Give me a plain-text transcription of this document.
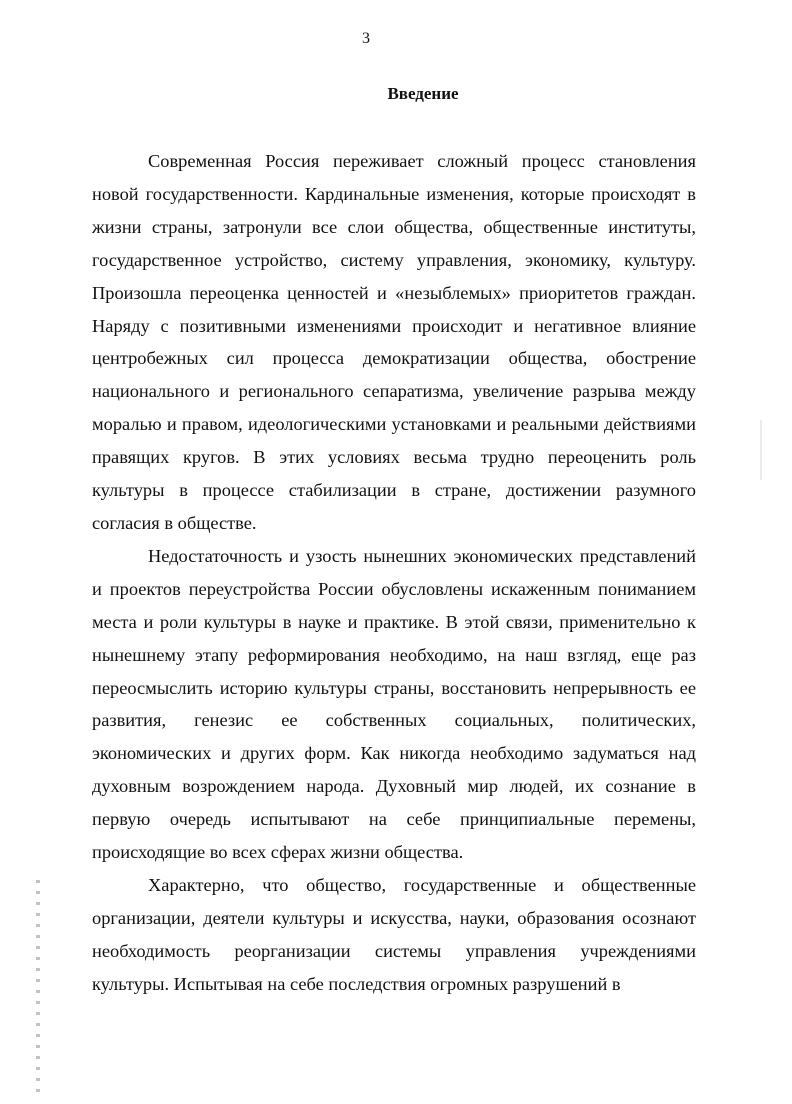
3
Введение

Современная Россия переживает сложный процесс становления новой государственности. Кардинальные изменения, которые происходят в жизни страны, затронули все слои общества, общественные институты, государственное устройство, систему управления, экономику, культуру. Произошла переоценка ценностей и «незыблемых» приоритетов граждан. Наряду с позитивными изменениями происходит и негативное влияние центробежных сил процесса демократизации общества, обострение национального и регионального сепаратизма, увеличение разрыва между моралью и правом, идеологическими установками и реальными действиями правящих кругов. В этих условиях весьма трудно переоценить роль культуры в процессе стабилизации в стране, достижении разумного согласия в обществе.

Недостаточность и узость нынешних экономических представлений и проектов переустройства России обусловлены искаженным пониманием места и роли культуры в науке и практике. В этой связи, применительно к нынешнему этапу реформирования необходимо, на наш взгляд, еще раз переосмыслить историю культуры страны, восстановить непрерывность ее развития, генезис ее собственных социальных, политических, экономических и других форм. Как никогда необходимо задуматься над духовным возрождением народа. Духовный мир людей, их сознание в первую очередь испытывают на себе принципиальные перемены, происходящие во всех сферах жизни общества.

Характерно, что общество, государственные и общественные организации, деятели культуры и искусства, науки, образования осознают необходимость реорганизации системы управления учреждениями культуры. Испытывая на себе последствия огромных разрушений в
